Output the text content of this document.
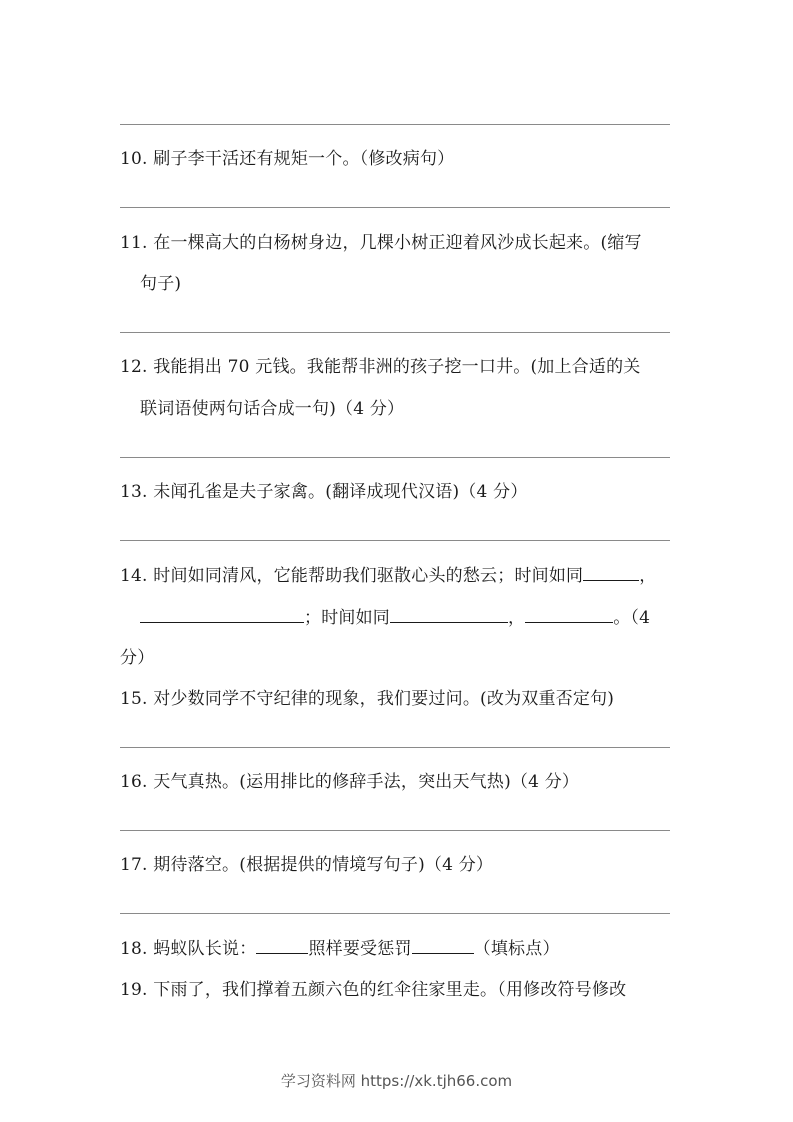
10. 刷子李干活还有规矩一个。（修改病句）
11. 在一棵高大的白杨树身边，几棵小树正迎着风沙成长起来。(缩写
句子)
12. 我能捐出 70 元钱。我能帮非洲的孩子挖一口井。(加上合适的关
联词语使两句话合成一句)（4 分）
13. 未闻孔雀是夫子家禽。(翻译成现代汉语)（4 分）
14. 时间如同清风，它能帮助我们驱散心头的愁云；时间如同	，
；时间如同	，	。（4
分）
15. 对少数同学不守纪律的现象，我们要过问。(改为双重否定句)
16. 天气真热。(运用排比的修辞手法，突出天气热)（4 分）
17. 期待落空。(根据提供的情境写句子)（4 分）
18. 蚂蚁队长说：	照样要受惩罚	（填标点）
19. 下雨了，我们撑着五颜六色的红伞往家里走。（用修改符号修改
学习资料网 https://xk.tjh66.com
